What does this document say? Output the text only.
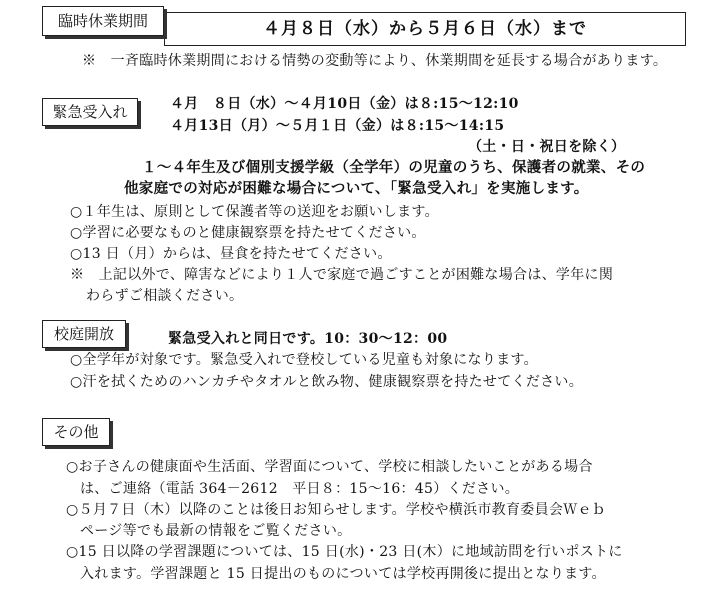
臨時休業期間	４月８日（水）から５月６日（水）まで
※　一斉臨時休業期間における情勢の変動等により、休業期間を延長する場合があります。
緊急受入れ	４月　８日（水）～４月10日（金）は８:15～12:10
４月13日（月）～５月１日（金）は８:15～14:15
（土・日・祝日を除く）
１～４年生及び個別支援学級（全学年）の児童のうち、保護者の就業、その
他家庭での対応が困難な場合について、「緊急受入れ」を実施します。
○１年生は、原則として保護者等の送迎をお願いします。
○学習に必要なものと健康観察票を持たせてください。
○13 日（月）からは、昼食を持たせてください。
※　上記以外で、障害などにより１人で家庭で過ごすことが困難な場合は、学年に関
わらずご相談ください。
校庭開放	緊急受入れと同日です。10：30～12：00
○全学年が対象です。緊急受入れで登校している児童も対象になります。
○汗を拭くためのハンカチやタオルと飲み物、健康観察票を持たせてください。
その他
○お子さんの健康面や生活面、学習面について、学校に相談したいことがある場合
は、ご連絡（電話 364－2612　平日８：15～16：45）ください。
○５月７日（木）以降のことは後日お知らせします。学校や横浜市教育委員会Ｗｅｂ
ページ等でも最新の情報をご覧ください。
○15 日以降の学習課題については、15 日(水)・23 日(木）に地域訪問を行いポストに
入れます。学習課題と 15 日提出のものについては学校再開後に提出となります。
